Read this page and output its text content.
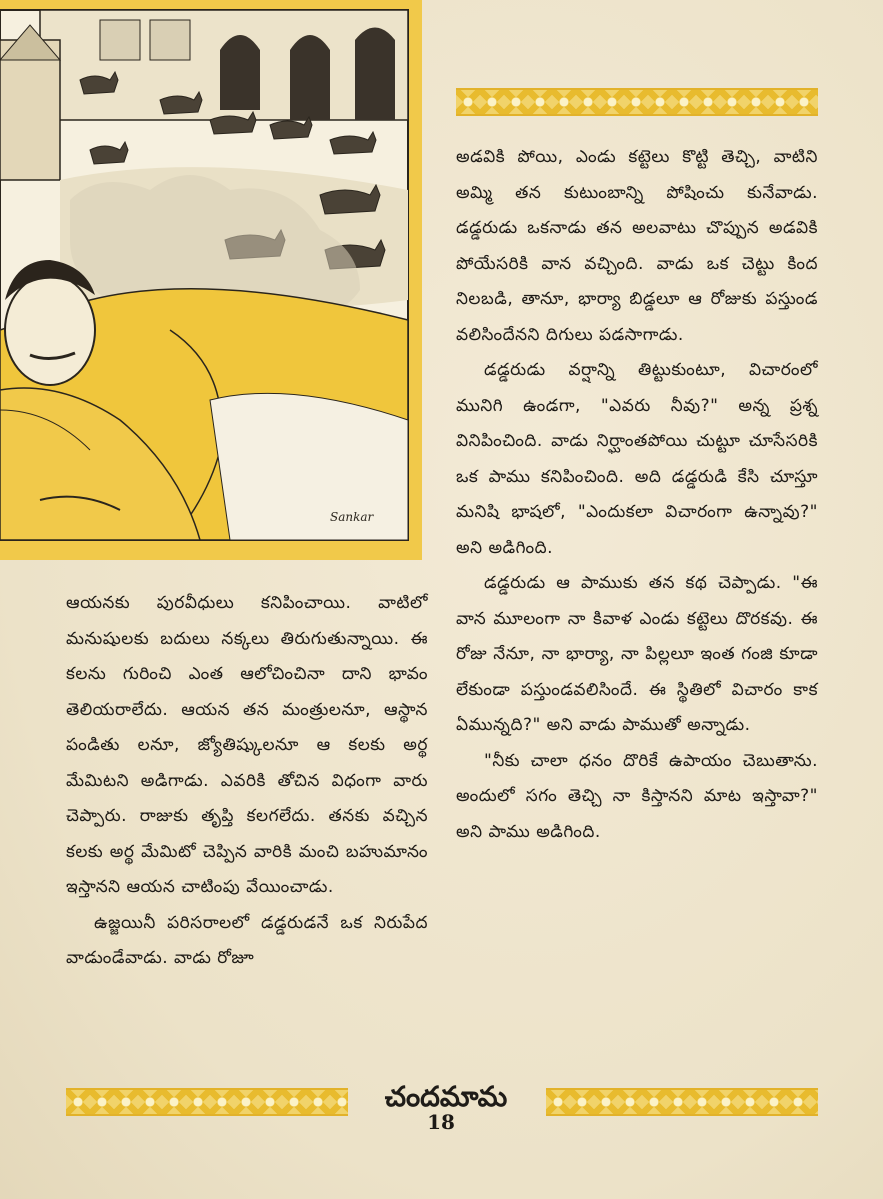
Sankar

అడవికి పోయి, ఎండు కట్టెలు కొట్టి తెచ్చి, వాటిని అమ్మి తన కుటుంబాన్ని పోషించు కునేవాడు. డడ్డరుడు ఒకనాడు తన అలవాటు చొప్పున అడవికి పోయేసరికి వాన వచ్చింది. వాడు ఒక చెట్టు కింద నిలబడి, తానూ, భార్యా బిడ్డలూ ఆ రోజుకు పస్తుండ వలిసిందేనని దిగులు పడసాగాడు.

డడ్డరుడు వర్షాన్ని తిట్టుకుంటూ, విచారంలో మునిగి ఉండగా, "ఎవరు నీవు?" అన్న ప్రశ్న వినిపించింది. వాడు నిర్ఘాంతపోయి చుట్టూ చూసేసరికి ఒక పాము కనిపించింది. అది డడ్డరుడి కేసి చూస్తూ మనిషి భాషలో, "ఎందుకలా విచారంగా ఉన్నావు?" అని అడిగింది.

డడ్డరుడు ఆ పాముకు తన కథ చెప్పాడు. "ఈ వాన మూలంగా నా కివాళ ఎండు కట్టెలు దొరకవు. ఈ రోజు నేనూ, నా భార్యా, నా పిల్లలూ ఇంత గంజి కూడా లేకుండా పస్తుండవలిసిందే. ఈ స్థితిలో విచారం కాక ఏమున్నది?" అని వాడు పాముతో అన్నాడు.

"నీకు చాలా ధనం దొరికే ఉపాయం చెబుతాను. అందులో సగం తెచ్చి నా కిస్తానని మాట ఇస్తావా?" అని పాము అడిగింది.

ఆయనకు పురవీధులు కనిపించాయి. వాటిలో మనుషులకు బదులు నక్కలు తిరుగుతున్నాయి. ఈ కలను గురించి ఎంత ఆలోచించినా దాని భావం తెలియరాలేదు. ఆయన తన మంత్రులనూ, ఆస్థాన పండితు లనూ, జ్యోతిష్కులనూ ఆ కలకు అర్థ మేమిటని అడిగాడు. ఎవరికి తోచిన విధంగా వారు చెప్పారు. రాజుకు తృప్తి కలగలేదు. తనకు వచ్చిన కలకు అర్థ మేమిటో చెప్పిన వారికి మంచి బహుమానం ఇస్తానని ఆయన చాటింపు వేయించాడు.

ఉజ్జయినీ పరిసరాలలో డడ్డరుడనే ఒక నిరుపేద వాడుండేవాడు. వాడు రోజూ

చందమామ
18
